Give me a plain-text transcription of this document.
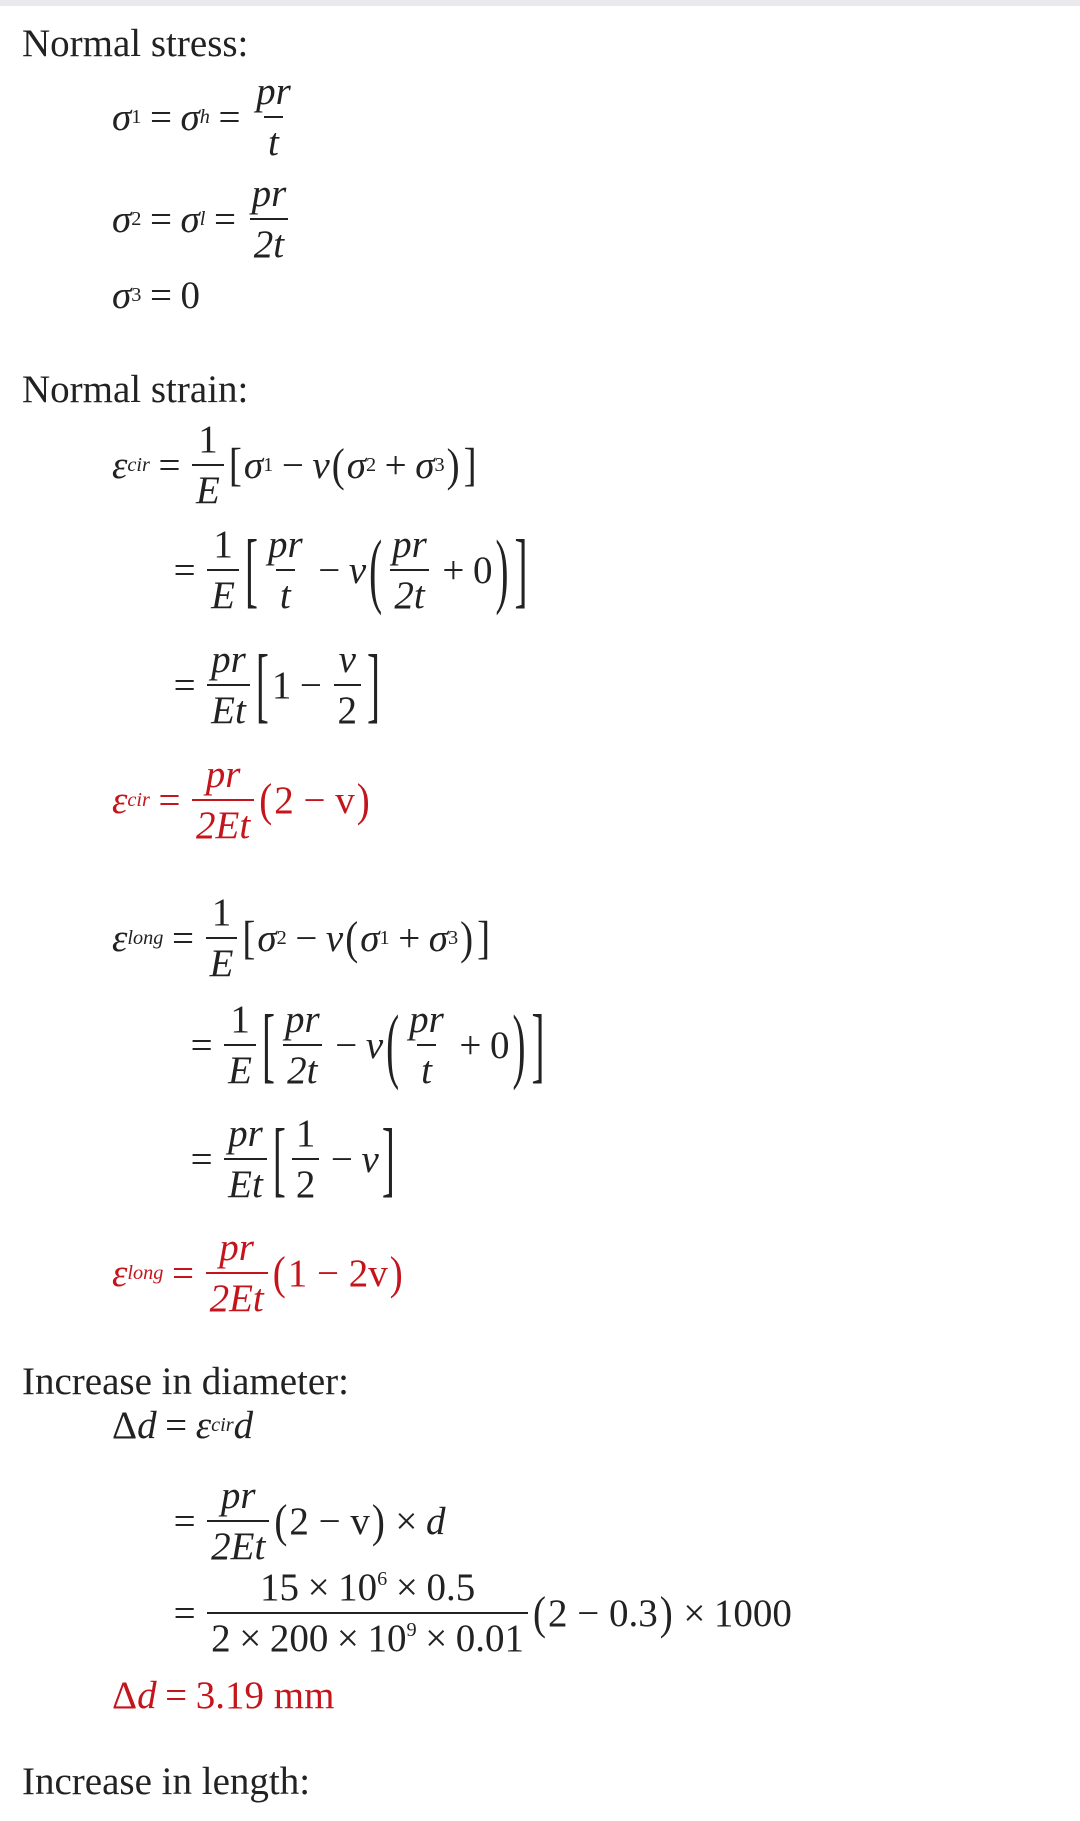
Normal stress:
σ 1 = σ $h = \frac{pr}{t}$
σ 2 = σ $l = \frac{pr}{2t}$
σ 3 = 0
Normal strain:
ε cir = $\frac{1}{E}$ [ σ 1 − v ( σ 2 + σ 3 ) ]
= $\frac{1}{E}$ [ $\frac{pr}{t} - v$ ( $\frac{pr}{2t} + 0$ ) ]
= $\frac{pr}{Et}$ [ $1 - \frac{v}{2}$ ]
ε cir = $\frac{pr}{2Et}$ ( 2 − v )
ε long = $\frac{1}{E}$ [ σ 2 − v ( σ 1 + σ 3 ) ]
= $\frac{1}{E}$ [ $\frac{pr}{2t} - v$ ( $\frac{pr}{t} + 0$ ) ]
= $\frac{pr}{Et}$ [ $\frac{1}{2} - v$ ]
ε long = $\frac{pr}{2Et}$ ( 1 − 2v )
Increase in diameter:
Δ d = ε cir d
= $\frac{pr}{2Et}$ ( 2 − v ) × d
= $\frac{15 \times 10^6 \times 0.5}{2 \times 200 \times 10^9 \times 0.01}$ ( 2 − 0.3 ) × 1000
Δ d = 3.19
mm
Increase in length:
